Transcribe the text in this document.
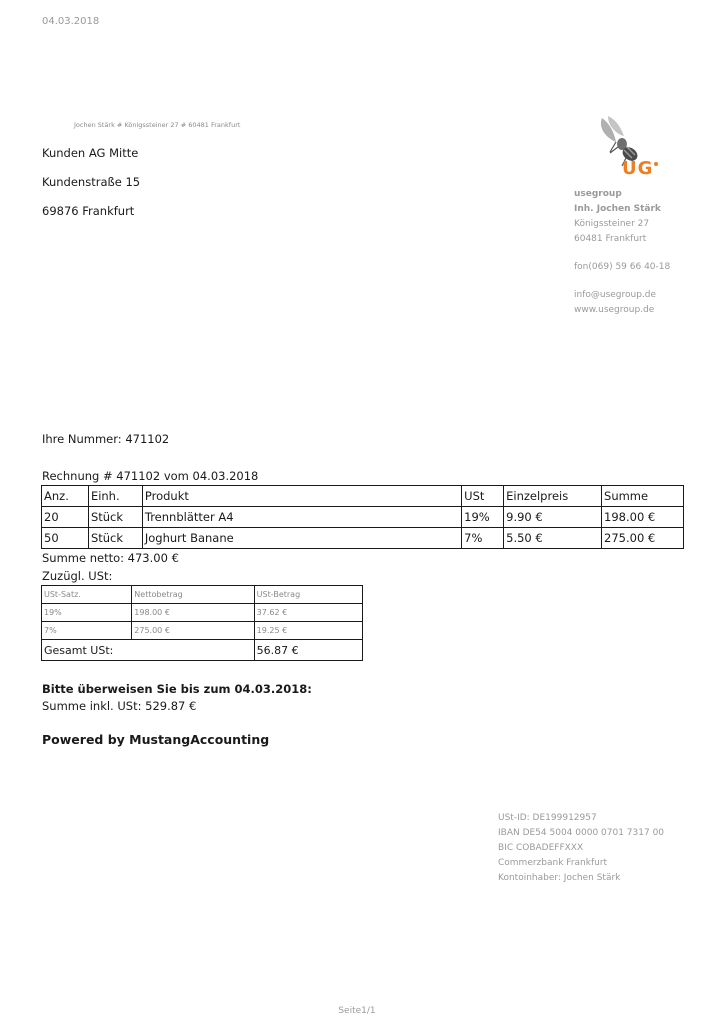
04.03.2018
Jochen Stärk # Königssteiner 27 # 60481 Frankfurt
Kunden AG Mitte
Kundenstraße 15
69876 Frankfurt
UG
usegroup
Inh. Jochen Stärk
Königssteiner 27
60481 Frankfurt
fon(069) 59 66 40-18
info@usegroup.de
www.usegroup.de
Ihre Nummer: 471102
Rechnung # 471102 vom 04.03.2018
Anz.	Einh.	Produkt	USt	Einzelpreis	Summe
20	Stück	Trennblätter A4	19%	9.90 €	198.00 €
50	Stück	Joghurt Banane	7%	5.50 €	275.00 €
Summe netto: 473.00 €
Zuzügl. USt:
USt-Satz.	Nettobetrag	USt-Betrag
19%	198.00 €	37.62 €
7%	275.00 €	19.25 €
Gesamt USt:		56.87 €
Bitte überweisen Sie bis zum 04.03.2018:
Summe inkl. USt: 529.87 €
Powered by MustangAccounting
USt-ID: DE199912957
IBAN DE54 5004 0000 0701 7317 00
BIC COBADEFFXXX
Commerzbank Frankfurt
Kontoinhaber: Jochen Stärk
Seite1/1
